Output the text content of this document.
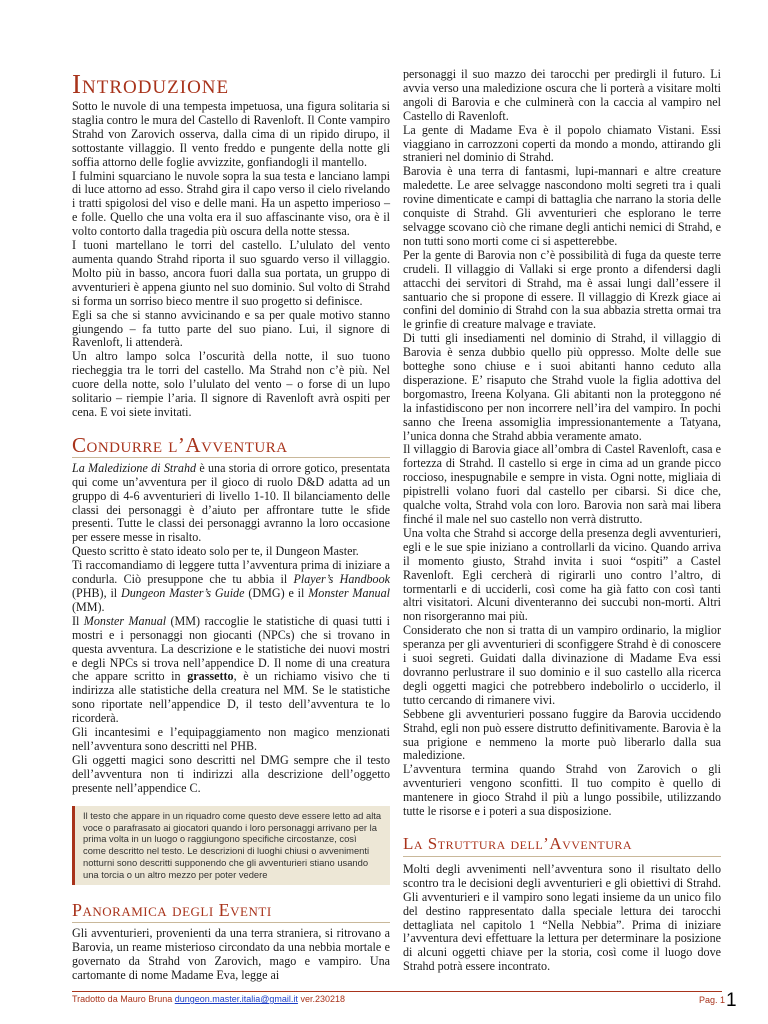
Introduzione

Sotto le nuvole di una tempesta impetuosa, una figura solitaria si staglia contro le mura del Castello di Ravenloft. Il Conte vampiro Strahd von Zarovich osserva, dalla cima di un ripido dirupo, il sottostante villaggio. Il vento freddo e pungente della notte gli soffia attorno delle foglie avvizzite, gonfiandogli il mantello.

I fulmini squarciano le nuvole sopra la sua testa e lanciano lampi di luce attorno ad esso. Strahd gira il capo verso il cielo rivelando i tratti spigolosi del viso e delle mani. Ha un aspetto imperioso – e folle. Quello che una volta era il suo affascinante viso, ora è il volto contorto dalla tragedia più oscura della notte stessa.

I tuoni martellano le torri del castello. L’ululato del vento aumenta quando Strahd riporta il suo sguardo verso il villaggio. Molto più in basso, ancora fuori dalla sua portata, un gruppo di avventurieri è appena giunto nel suo dominio. Sul volto di Strahd si forma un sorriso bieco mentre il suo progetto si definisce.

Egli sa che si stanno avvicinando e sa per quale motivo stanno giungendo – fa tutto parte del suo piano. Lui, il signore di Ravenloft, li attenderà.

Un altro lampo solca l’oscurità della notte, il suo tuono riecheggia tra le torri del castello. Ma Strahd non c’è più. Nel cuore della notte, solo l’ululato del vento – o forse di un lupo solitario – riempie l’aria. Il signore di Ravenloft avrà ospiti per cena. E voi siete invitati.

Condurre l’Avventura

La Maledizione di Strahd è una storia di orrore gotico, presentata qui come un’avventura per il gioco di ruolo D&D adatta ad un gruppo di 4-6 avventurieri di livello 1-10. Il bilanciamento delle classi dei personaggi è d’aiuto per affrontare tutte le sfide presenti. Tutte le classi dei personaggi avranno la loro occasione per essere messe in risalto.

Questo scritto è stato ideato solo per te, il Dungeon Master.

Ti raccomandiamo di leggere tutta l’avventura prima di iniziare a condurla. Ciò presuppone che tu abbia il Player’s Handbook (PHB), il Dungeon Master’s Guide (DMG) e il Monster Manual (MM).

Il Monster Manual (MM) raccoglie le statistiche di quasi tutti i mostri e i personaggi non giocanti (NPCs) che si trovano in questa avventura. La descrizione e le statistiche dei nuovi mostri e degli NPCs si trova nell’appendice D. Il nome di una creatura che appare scritto in grassetto, è un richiamo visivo che ti indirizza alle statistiche della creatura nel MM. Se le statistiche sono riportate nell’appendice D, il testo dell’avventura te lo ricorderà.

Gli incantesimi e l’equipaggiamento non magico menzionati nell’avventura sono descritti nel PHB.

Gli oggetti magici sono descritti nel DMG sempre che il testo dell’avventura non ti indirizzi alla descrizione dell’oggetto presente nell’appendice C.

Il testo che appare in un riquadro come questo deve essere letto ad alta voce o parafrasato ai giocatori quando i loro personaggi arrivano per la prima volta in un luogo o raggiungono specifiche circostanze, così come descritto nel testo. Le descrizioni di luoghi chiusi o avvenimenti notturni sono descritti supponendo che gli avventurieri stiano usando una torcia o un altro mezzo per poter vedere
Panoramica degli Eventi

Gli avventurieri, provenienti da una terra straniera, si ritrovano a Barovia, un reame misterioso circondato da una nebbia mortale e governato da Strahd von Zarovich, mago e vampiro. Una cartomante di nome Madame Eva, legge ai

personaggi il suo mazzo dei tarocchi per predirgli il futuro. Li avvia verso una maledizione oscura che li porterà a visitare molti angoli di Barovia e che culminerà con la caccia al vampiro nel Castello di Ravenloft.

La gente di Madame Eva è il popolo chiamato Vistani. Essi viaggiano in carrozzoni coperti da mondo a mondo, attirando gli stranieri nel dominio di Strahd.

Barovia è una terra di fantasmi, lupi-mannari e altre creature maledette. Le aree selvagge nascondono molti segreti tra i quali rovine dimenticate e campi di battaglia che narrano la storia delle conquiste di Strahd. Gli avventurieri che esplorano le terre selvagge scovano ciò che rimane degli antichi nemici di Strahd, e non tutti sono morti come ci si aspetterebbe.

Per la gente di Barovia non c’è possibilità di fuga da queste terre crudeli. Il villaggio di Vallaki si erge pronto a difendersi dagli attacchi dei servitori di Strahd, ma è assai lungi dall’essere il santuario che si propone di essere. Il villaggio di Krezk giace ai confini del dominio di Strahd con la sua abbazia stretta ormai tra le grinfie di creature malvage e traviate.

Di tutti gli insediamenti nel dominio di Strahd, il villaggio di Barovia è senza dubbio quello più oppresso. Molte delle sue botteghe sono chiuse e i suoi abitanti hanno ceduto alla disperazione. E’ risaputo che Strahd vuole la figlia adottiva del borgomastro, Ireena Kolyana. Gli abitanti non la proteggono né la infastidiscono per non incorrere nell’ira del vampiro. In pochi sanno che Ireena assomiglia impressionantemente a Tatyana, l’unica donna che Strahd abbia veramente amato.

Il villaggio di Barovia giace all’ombra di Castel Ravenloft, casa e fortezza di Strahd. Il castello si erge in cima ad un grande picco roccioso, inespugnabile e sempre in vista. Ogni notte, migliaia di pipistrelli volano fuori dal castello per cibarsi. Si dice che, qualche volta, Strahd vola con loro. Barovia non sarà mai libera finché il male nel suo castello non verrà distrutto.

Una volta che Strahd si accorge della presenza degli avventurieri, egli e le sue spie iniziano a controllarli da vicino. Quando arriva il momento giusto, Strahd invita i suoi “ospiti” a Castel Ravenloft. Egli cercherà di rigirarli uno contro l’altro, di tormentarli e di ucciderli, così come ha già fatto con così tanti altri visitatori. Alcuni diventeranno dei succubi non-morti. Altri non risorgeranno mai più.

Considerato che non si tratta di un vampiro ordinario, la miglior speranza per gli avventurieri di sconfiggere Strahd è di conoscere i suoi segreti. Guidati dalla divinazione di Madame Eva essi dovranno perlustrare il suo dominio e il suo castello alla ricerca degli oggetti magici che potrebbero indebolirlo o ucciderlo, il tutto cercando di rimanere vivi.

Sebbene gli avventurieri possano fuggire da Barovia uccidendo Strahd, egli non può essere distrutto definitivamente. Barovia è la sua prigione e nemmeno la morte può liberarlo dalla sua maledizione.

L’avventura termina quando Strahd von Zarovich o gli avventurieri vengono sconfitti. Il tuo compito è quello di mantenere in gioco Strahd il più a lungo possibile, utilizzando tutte le risorse e i poteri a sua disposizione.

La Struttura dell’Avventura

Molti degli avvenimenti nell’avventura sono il risultato dello scontro tra le decisioni degli avventurieri e gli obiettivi di Strahd. Gli avventurieri e il vampiro sono legati insieme da un unico filo del destino rappresentato dalla speciale lettura dei tarocchi dettagliata nel capitolo 1 “Nella Nebbia”. Prima di iniziare l’avventura devi effettuare la lettura per determinare la posizione di alcuni oggetti chiave per la storia, così come il luogo dove Strahd potrà essere incontrato.

Tradotto da Mauro Bruna dungeon.master.italia@gmail.it ver.230218	Pag. 11
